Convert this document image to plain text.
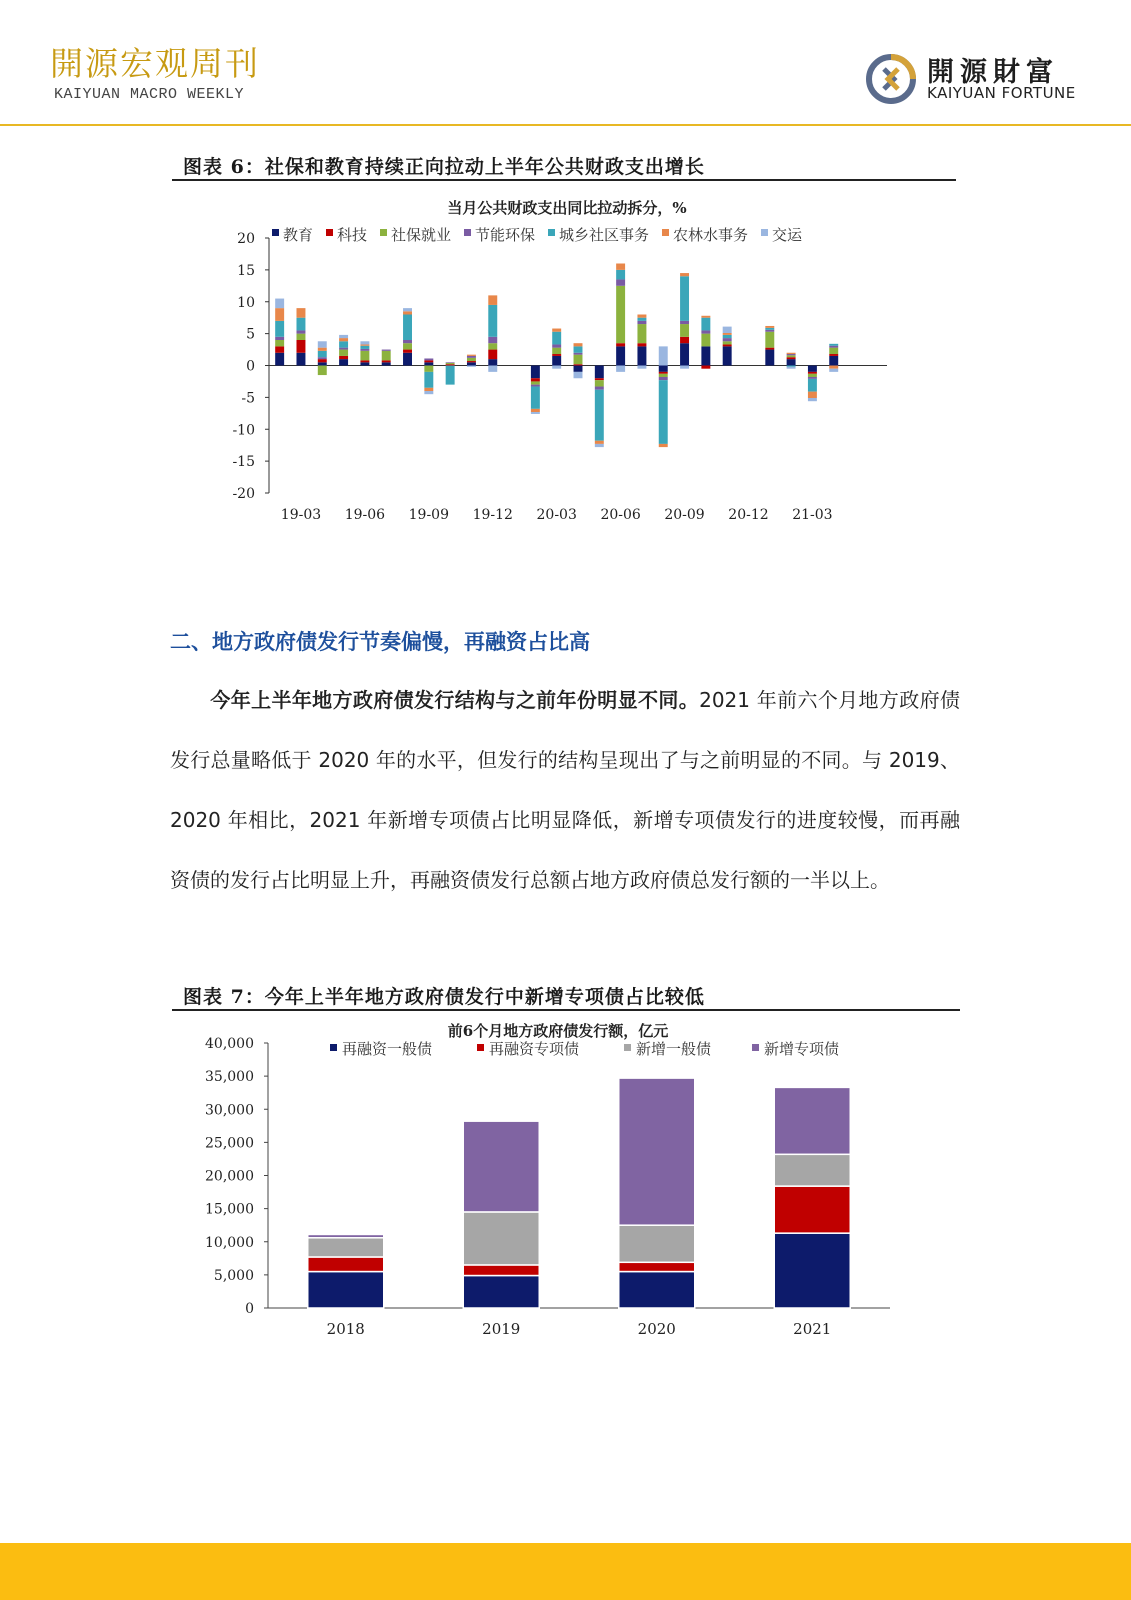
開源宏观周刊
KAIYUAN MACRO WEEKLY
開源財富
KAIYUAN FORTUNE
图表 6：社保和教育持续正向拉动上半年公共财政支出增长
当月公共财政支出同比拉动拆分，%
教育 科技 社保就业 节能环保 城乡社区事务 农林水事务 交运
20
15
10
5
0
-5
-10
-15
-20
19-03 19-06 19-09 19-12 20-03 20-06 20-09 20-12 21-03
二、地方政府债发行节奏偏慢，再融资占比高
  今年上半年地方政府债发行结构与之前年份明显不同。2021 年前六个月地方政府债发行总量略低于 2020 年的水平，但发行的结构呈现出了与之前明显的不同。与 2019、2020 年相比，2021 年新增专项债占比明显降低，新增专项债发行的进度较慢，而再融资债的发行占比明显上升，再融资债发行总额占地方政府债总发行额的一半以上。
图表 7：今年上半年地方政府债发行中新增专项债占比较低
前6个月地方政府债发行额，亿元
再融资一般债	再融资专项债	新增一般债	新增专项债
40,000
35,000
30,000
25,000
20,000
15,000
10,000
5,000
0
2018	2019	2020	2021
